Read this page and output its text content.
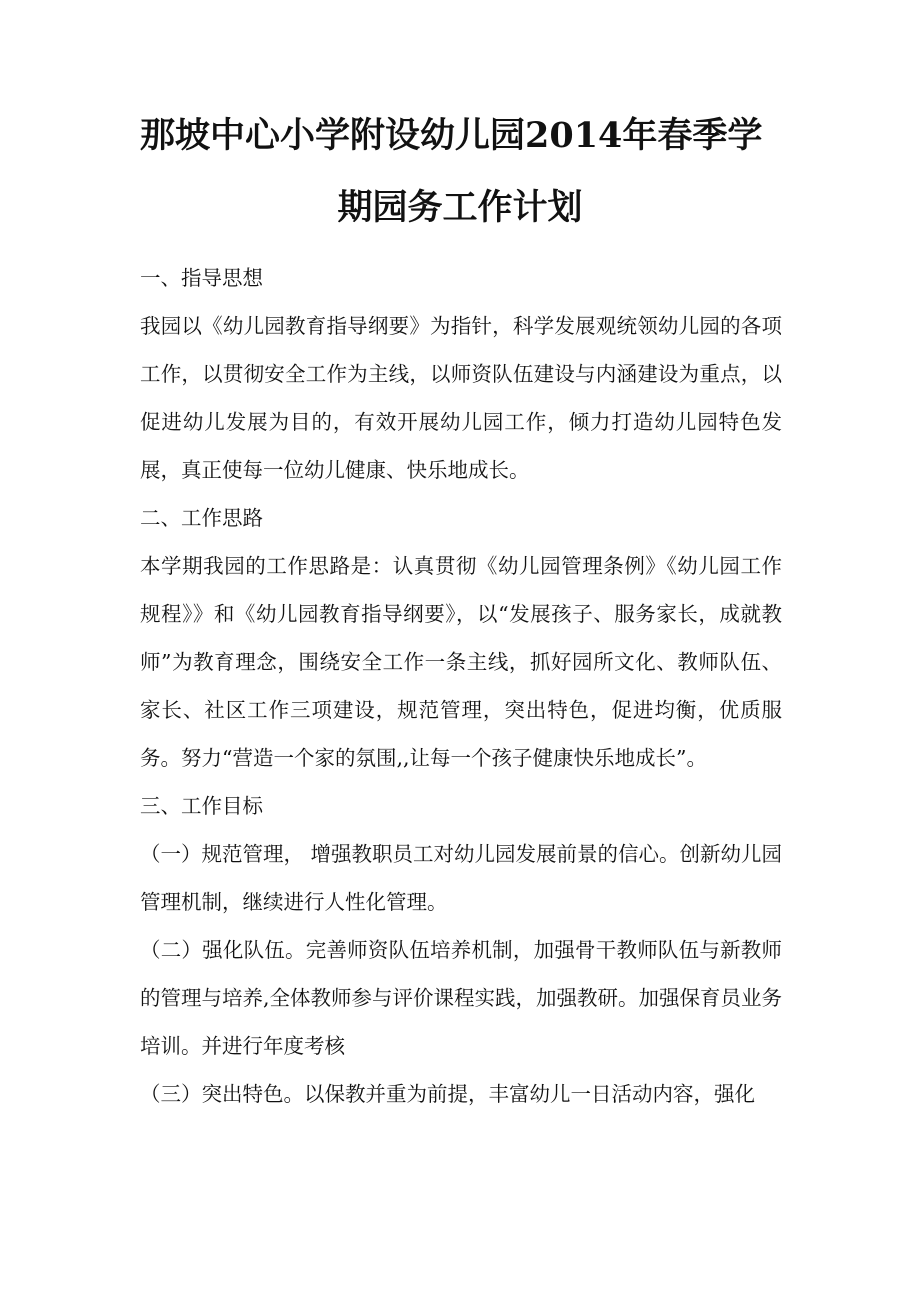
那坡中心小学附设幼儿园2014年春季学
期园务工作计划

一、指导思想

我园以《幼儿园教育指导纲要》为指针，科学发展观统领幼儿园的各项工作，以贯彻安全工作为主线，以师资队伍建设与内涵建设为重点，以促进幼儿发展为目的，有效开展幼儿园工作，倾力打造幼儿园特色发展，真正使每一位幼儿健康、快乐地成长。

二、工作思路

本学期我园的工作思路是：认真贯彻《幼儿园管理条例》《幼儿园工作规程》》和《幼儿园教育指导纲要》，以“发展孩子、服务家长，成就教师”为教育理念，围绕安全工作一条主线，抓好园所文化、教师队伍、家长、社区工作三项建设，规范管理，突出特色，促进均衡，优质服务。努力“营造一个家的氛围,,让每一个孩子健康快乐地成长”。

三、工作目标

（一）规范管理， 增强教职员工对幼儿园发展前景的信心。创新幼儿园管理机制，继续进行人性化管理。

（二）强化队伍。完善师资队伍培养机制，加强骨干教师队伍与新教师的管理与培养,全体教师参与评价课程实践，加强教研。加强保育员业务培训。并进行年度考核

（三）突出特色。以保教并重为前提，丰富幼儿一日活动内容，强化
